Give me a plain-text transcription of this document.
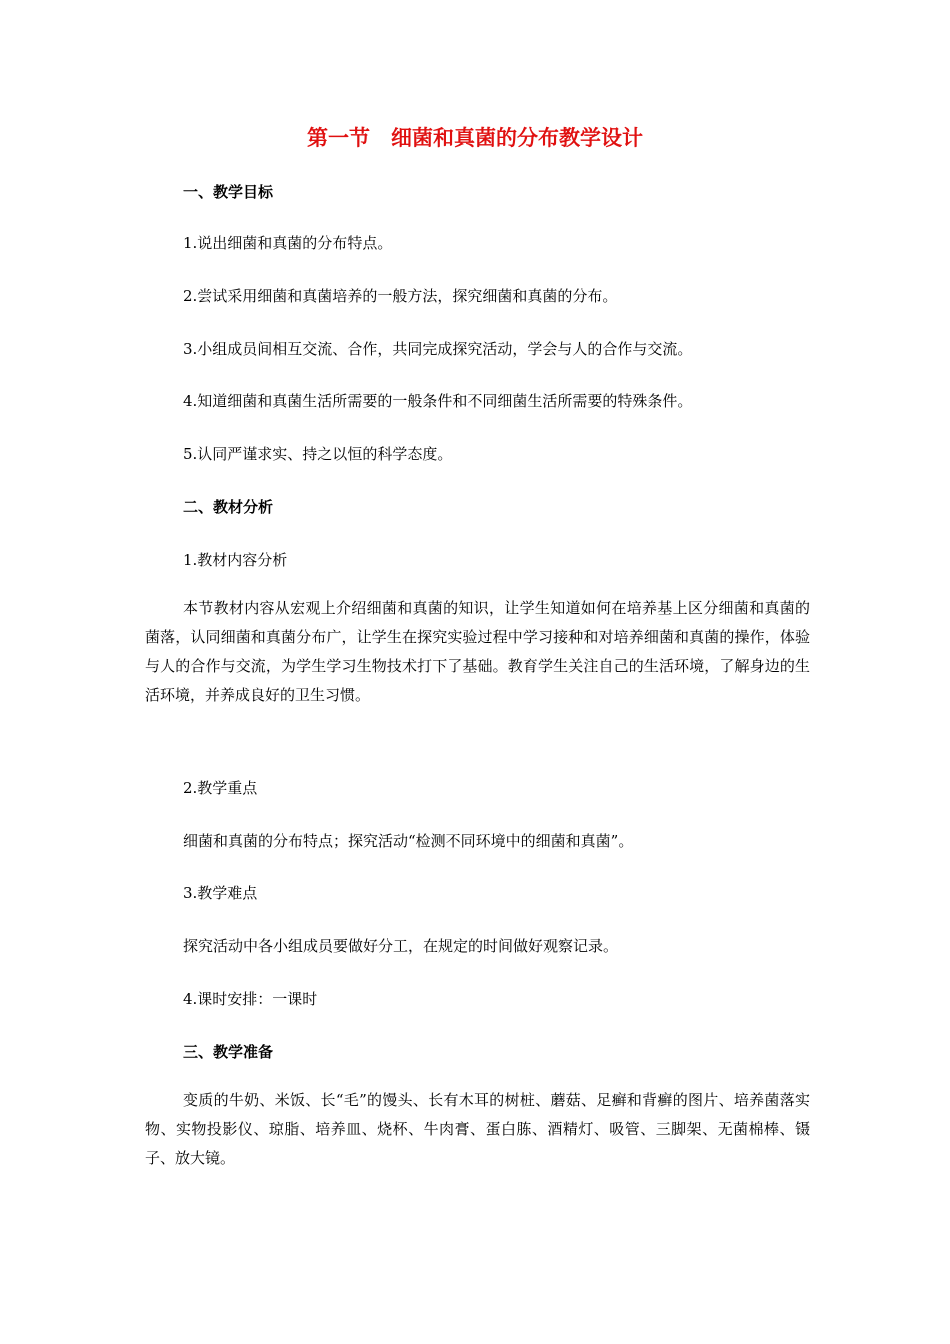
第一节　细菌和真菌的分布教学设计
一、教学目标
1.说出细菌和真菌的分布特点。
2.尝试采用细菌和真菌培养的一般方法，探究细菌和真菌的分布。
3.小组成员间相互交流、合作，共同完成探究活动，学会与人的合作与交流。
4.知道细菌和真菌生活所需要的一般条件和不同细菌生活所需要的特殊条件。
5.认同严谨求实、持之以恒的科学态度。
二、教材分析
1.教材内容分析
本节教材内容从宏观上介绍细菌和真菌的知识，让学生知道如何在培养基上区分细菌和真菌的菌落，认同细菌和真菌分布广，让学生在探究实验过程中学习接种和对培养细菌和真菌的操作，体验与人的合作与交流，为学生学习生物技术打下了基础。教育学生关注自己的生活环境，了解身边的生活环境，并养成良好的卫生习惯。
2.教学重点
细菌和真菌的分布特点；探究活动“检测不同环境中的细菌和真菌”。
3.教学难点
探究活动中各小组成员要做好分工，在规定的时间做好观察记录。
4.课时安排：一课时
三、教学准备
变质的牛奶、米饭、长“毛”的馒头、长有木耳的树桩、蘑菇、足癣和背癣的图片、培养菌落实物、实物投影仪、琼脂、培养皿、烧杯、牛肉膏、蛋白胨、酒精灯、吸管、三脚架、无菌棉棒、镊子、放大镜。
